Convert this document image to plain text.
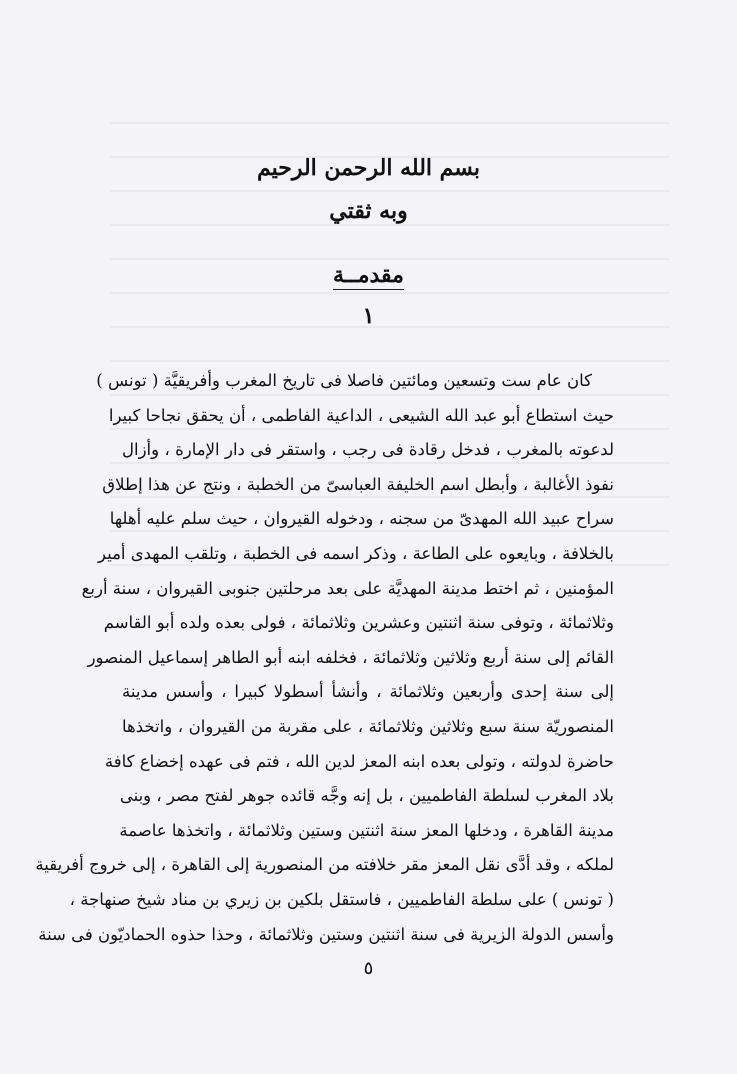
بسم الله الرحمن الرحيم
وبه ثقتي
مقدمــة
١
كان عام ست وتسعين ومائتين فاصلا فى تاريخ المغرب وأفريقيَّة ( تونس )
حيث استطاع أبو عبد الله الشيعى ، الداعية الفاطمى ، أن يحقق نجاحا كبيرا
لدعوته بالمغرب ، فدخل رقادة فى رجب ، واستقر فى دار الإمارة ، وأزال
نفوذ الأغالبة ، وأبطل اسم الخليفة العباسىّ من الخطبة ، ونتج عن هذا إطلاق
سراح عبيد الله المهدىّ من سجنه ، ودخوله القيروان ، حيث سلم عليه أهلها
بالخلافة ، وبايعوه على الطاعة ، وذكر اسمه فى الخطبة ، وتلقب المهدى أمير
المؤمنين ، ثم اختط مدينة المهديَّة على بعد مرحلتين جنوبى القيروان ، سنة أربع
وثلاثمائة ، وتوفى سنة اثنتين وعشرين وثلاثمائة ، فولى بعده ولده أبو القاسم
القائم إلى سنة أربع وثلاثين وثلاثمائة ، فخلفه ابنه أبو الطاهر إسماعيل المنصور
إلى سنة إحدى وأربعين وثلاثمائة ، وأنشأ أسطولا كبيرا ، وأسس مدينة
المنصوريّة سنة سبع وثلاثين وثلاثمائة ، على مقربة من القيروان ، واتخذها
حاضرة لدولته ، وتولى بعده ابنه المعز لدين الله ، فتم فى عهده إخضاع كافة
بلاد المغرب لسلطة الفاطميين ، بل إنه وجَّه قائده جوهر لفتح مصر ، وبنى
مدينة القاهرة ، ودخلها المعز سنة اثنتين وستين وثلاثمائة ، واتخذها عاصمة
لملكه ، وقد أدَّى نقل المعز مقر خلافته من المنصورية إلى القاهرة ، إلى خروج أفريقية
( تونس ) على سلطة الفاطميين ، فاستقل بلكين بن زيري بن مناد شيخ صنهاجة ،
وأسس الدولة الزيرية فى سنة اثنتين وستين وثلاثمائة ، وحذا حذوه الحماديّون فى سنة
٥
